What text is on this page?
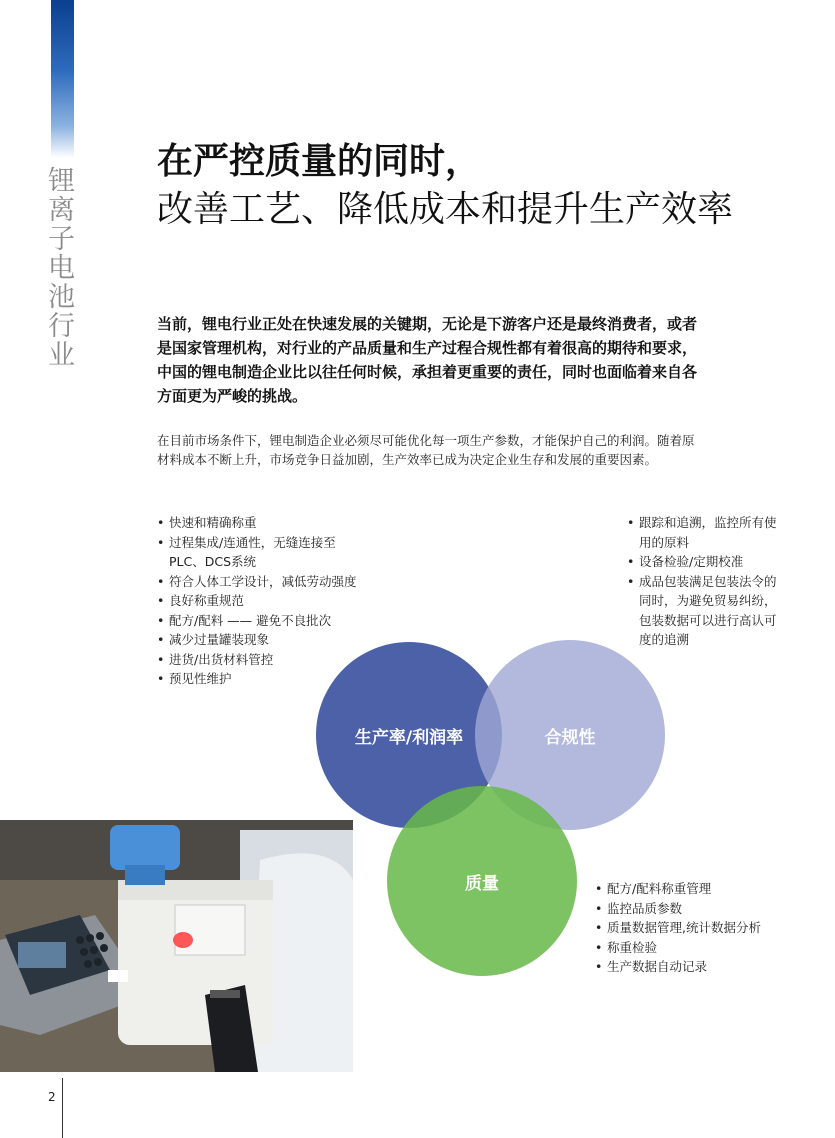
锂离子电池行业
在严控质量的同时，
改善工艺、降低成本和提升生产效率

当前，锂电行业正处在快速发展的关键期，无论是下游客户还是最终消费者，或者是国家管理机构，对行业的产品质量和生产过程合规性都有着很高的期待和要求，中国的锂电制造企业比以往任何时候，承担着更重要的责任，同时也面临着来自各方面更为严峻的挑战。

在目前市场条件下，锂电制造企业必须尽可能优化每一项生产参数，才能保护自己的利润。随着原材料成本不断上升，市场竞争日益加剧，生产效率已成为决定企业生存和发展的重要因素。

• 快速和精确称重
• 过程集成/连通性，无缝连接至PLC、DCS系统
• 符合人体工学设计，减低劳动强度
• 良好称重规范
• 配方/配料 —— 避免不良批次
• 减少过量罐装现象
• 进货/出货材料管控
• 预见性维护
• 跟踪和追溯，监控所有使用的原料
• 设备检验/定期校准
• 成品包装满足包装法令的同时，为避免贸易纠纷，包装数据可以进行高认可度的追溯
生产率/利润率	合规性
质量
•	配方/配料称重管理
• 监控品质参数
• 质量数据管理,统计数据分析
• 称重检验
• 生产数据自动记录
2
